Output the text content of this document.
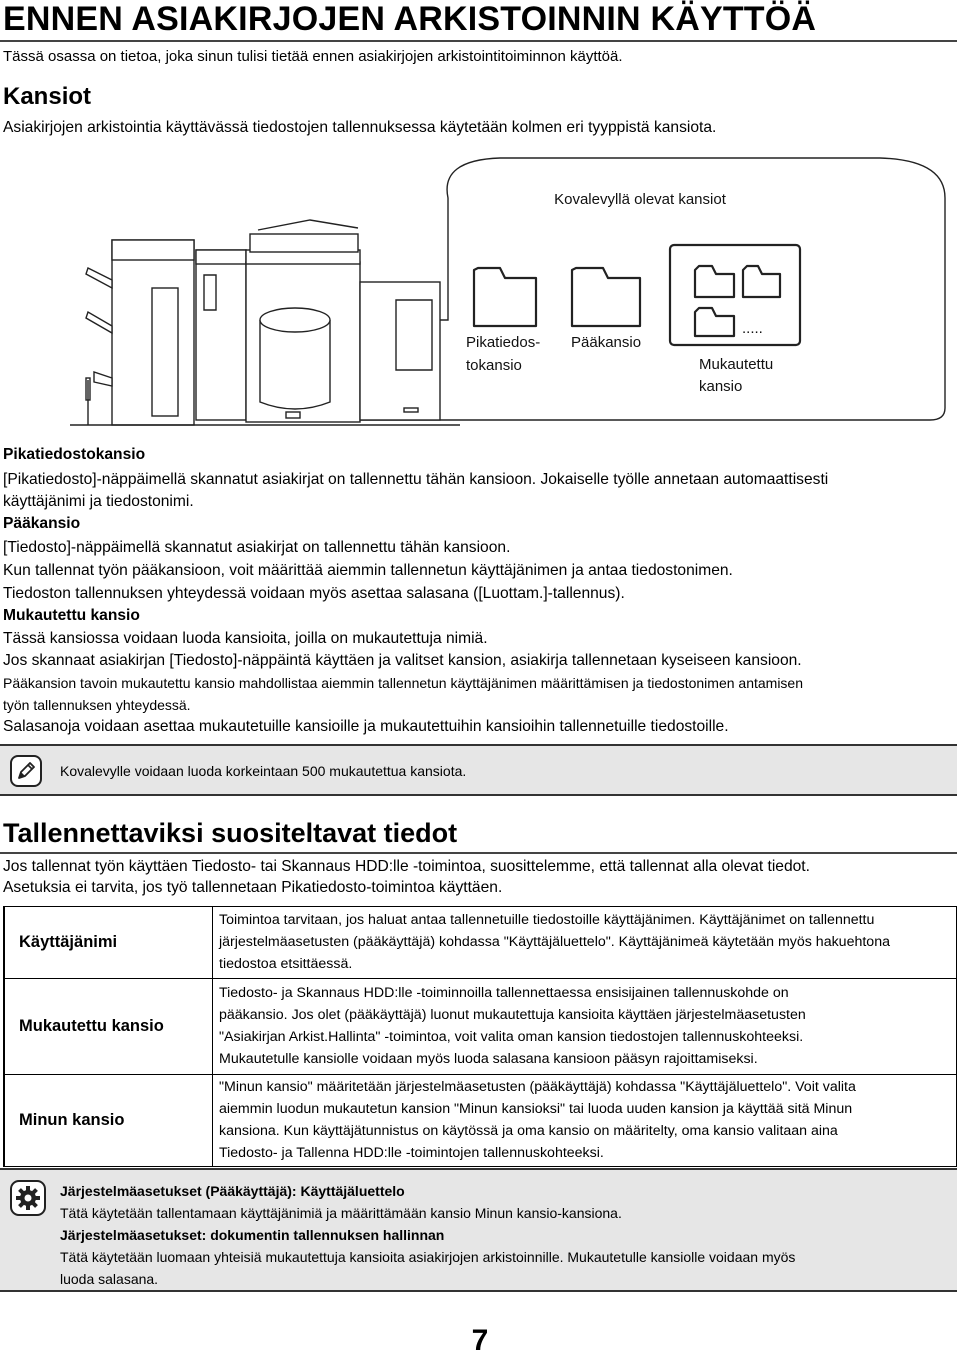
ENNEN ASIAKIRJOJEN ARKISTOINNIN KÄYTTÖÄ
Tässä osassa on tietoa, joka sinun tulisi tietää ennen asiakirjojen arkistointitoiminnon käyttöä.
Kansiot
Asiakirjojen arkistointia käyttävässä tiedostojen tallennuksessa käytetään kolmen eri tyyppistä kansiota.
Kovalevyllä olevat kansiot
Pikatiedos-
tokansio
Pääkansio
.....
Mukautettu
kansio
Pikatiedostokansio
[Pikatiedosto]-näppäimellä skannatut asiakirjat on tallennettu tähän kansioon. Jokaiselle työlle annetaan automaattisesti
käyttäjänimi ja tiedostonimi.
Pääkansio
[Tiedosto]-näppäimellä skannatut asiakirjat on tallennettu tähän kansioon.
Kun tallennat työn pääkansioon, voit määrittää aiemmin tallennetun käyttäjänimen ja antaa tiedostonimen.
Tiedoston tallennuksen yhteydessä voidaan myös asettaa salasana ([Luottam.]-tallennus).
Mukautettu kansio
Tässä kansiossa voidaan luoda kansioita, joilla on mukautettuja nimiä.
Jos skannaat asiakirjan [Tiedosto]-näppäintä käyttäen ja valitset kansion, asiakirja tallennetaan kyseiseen kansioon.
Pääkansion tavoin mukautettu kansio mahdollistaa aiemmin tallennetun käyttäjänimen määrittämisen ja tiedostonimen antamisen
työn tallennuksen yhteydessä.
Salasanoja voidaan asettaa mukautetuille kansioille ja mukautettuihin kansioihin tallennetuille tiedostoille.
Kovalevylle voidaan luoda korkeintaan 500 mukautettua kansiota.
Tallennettaviksi suositeltavat tiedot
Jos tallennat työn käyttäen Tiedosto- tai Skannaus HDD:lle -toimintoa, suosittelemme, että tallennat alla olevat tiedot.
Asetuksia ei tarvita, jos työ tallennetaan Pikatiedosto-toimintoa käyttäen.
Käyttäjänimi	Toimintoa tarvitaan, jos haluat antaa tallennetuille tiedostoille käyttäjänimen. Käyttäjänimet on tallennettu
järjestelmäasetusten (pääkäyttäjä) kohdassa "Käyttäjäluettelo". Käyttäjänimeä käytetään myös hakuehtona
tiedostoa etsittäessä.

Mukautettu kansio	Tiedosto- ja Skannaus HDD:lle -toiminnoilla tallennettaessa ensisijainen tallennuskohde on
pääkansio. Jos olet (pääkäyttäjä) luonut mukautettuja kansioita käyttäen järjestelmäasetusten
"Asiakirjan Arkist.Hallinta" -toimintoa, voit valita oman kansion tiedostojen tallennuskohteeksi.
Mukautetulle kansiolle voidaan myös luoda salasana kansioon pääsyn rajoittamiseksi.

Minun kansio	"Minun kansio" määritetään järjestelmäasetusten (pääkäyttäjä) kohdassa "Käyttäjäluettelo". Voit valita
aiemmin luodun mukautetun kansion "Minun kansioksi" tai luoda uuden kansion ja käyttää sitä Minun
kansiona. Kun käyttäjätunnistus on käytössä ja oma kansio on määritelty, oma kansio valitaan aina
Tiedosto- ja Tallenna HDD:lle -toimintojen tallennuskohteeksi.
Järjestelmäasetukset (Pääkäyttäjä): Käyttäjäluettelo
Tätä käytetään tallentamaan käyttäjänimiä ja määrittämään kansio Minun kansio-kansiona.
Järjestelmäasetukset: dokumentin tallennuksen hallinnan
Tätä käytetään luomaan yhteisiä mukautettuja kansioita asiakirjojen arkistoinnille. Mukautetulle kansiolle voidaan myös
luoda salasana.
7
